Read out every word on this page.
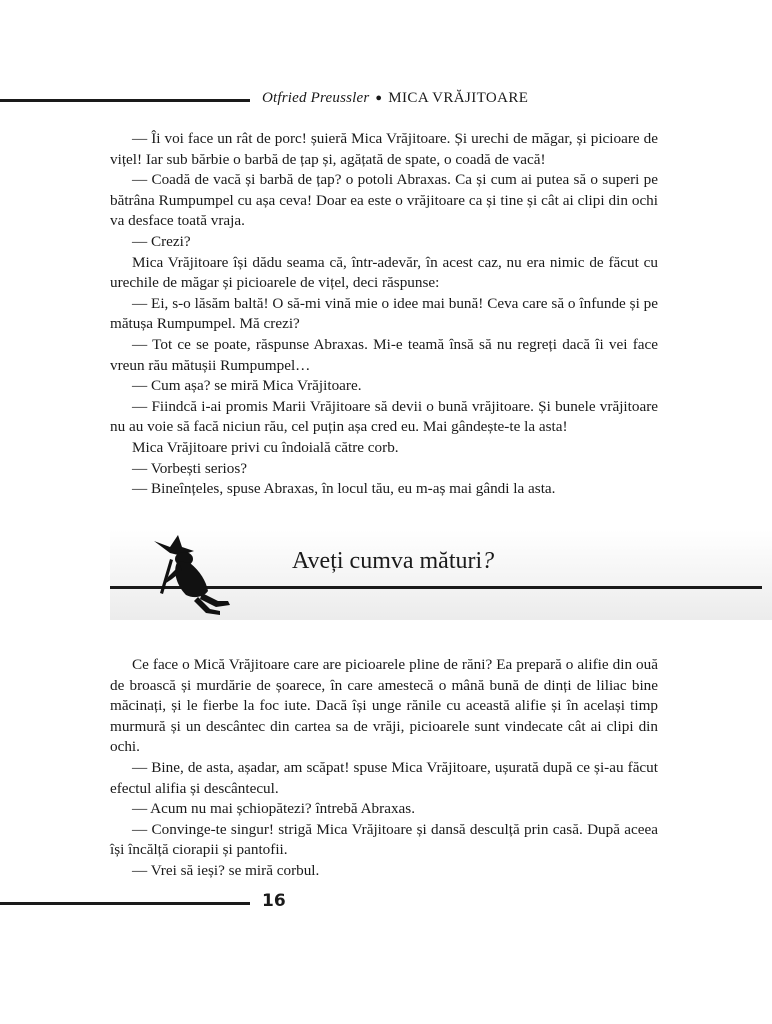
Otfried Preussler ● MICA VRĂJITOARE

— Îi voi face un rât de porc! șuieră Mica Vrăjitoare. Și urechi de măgar, și picioare de vițel! Iar sub bărbie o barbă de țap și, agățată de spate, o coadă de vacă!

— Coadă de vacă și barbă de țap? o potoli Abraxas. Ca și cum ai putea să o superi pe bătrâna Rumpumpel cu așa ceva! Doar ea este o vrăjitoare ca și tine și cât ai clipi din ochi va desface toată vraja.

— Crezi?

Mica Vrăjitoare își dădu seama că, într-adevăr, în acest caz, nu era nimic de făcut cu urechile de măgar și picioarele de vițel, deci răspunse:

— Ei, s-o lăsăm baltă! O să-mi vină mie o idee mai bună! Ceva care să o înfunde și pe mătușa Rumpumpel. Mă crezi?

— Tot ce se poate, răspunse Abraxas. Mi-e teamă însă să nu regreți dacă îi vei face vreun rău mătușii Rumpumpel…

— Cum așa? se miră Mica Vrăjitoare.

— Fiindcă i-ai promis Marii Vrăjitoare să devii o bună vrăjitoare. Și bunele vrăjitoare nu au voie să facă niciun rău, cel puțin așa cred eu. Mai gândește-te la asta!

Mica Vrăjitoare privi cu îndoială către corb.

— Vorbești serios?

— Bineînțeles, spuse Abraxas, în locul tău, eu m-aș mai gândi la asta.

Aveți cumva mături?

Ce face o Mică Vrăjitoare care are picioarele pline de răni? Ea prepară o alifie din ouă de broască și murdărie de șoarece, în care amestecă o mână bună de dinți de liliac bine măcinați, și le fierbe la foc iute. Dacă își unge rănile cu această alifie și în același timp murmură și un descântec din cartea sa de vrăji, picioarele sunt vindecate cât ai clipi din ochi.

— Bine, de asta, așadar, am scăpat! spuse Mica Vrăjitoare, ușurată după ce și-au făcut efectul alifia și descântecul.

— Acum nu mai șchiopătezi? întrebă Abraxas.

— Convinge-te singur! strigă Mica Vrăjitoare și dansă desculță prin casă. După aceea își încălță ciorapii și pantofii.

— Vrei să ieși? se miră corbul.

16
